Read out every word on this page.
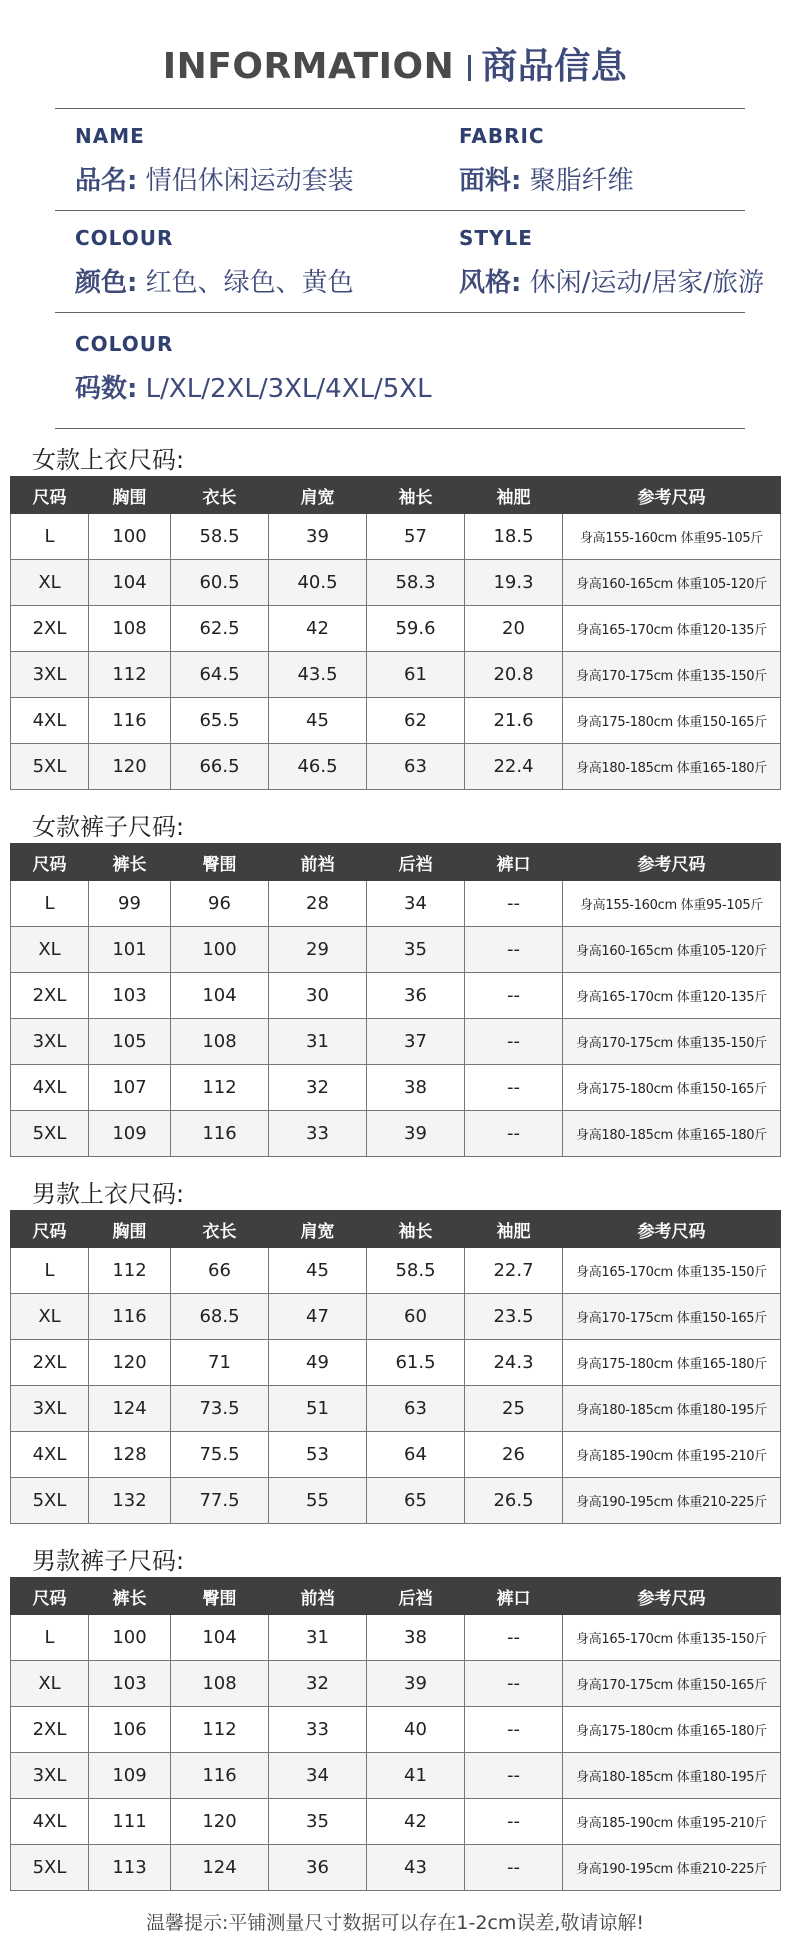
INFORMATION 商品信息
NAME
品名: 情侣休闲运动套装
FABRIC
面料: 聚脂纤维
COLOUR
颜色: 红色、绿色、黄色
STYLE
风格: 休闲/运动/居家/旅游
COLOUR
码数: L/XL/2XL/3XL/4XL/5XL
女款上衣尺码:
尺码	胸围	衣长	肩宽	袖长	袖肥	参考尺码
L	100	58.5	39	57	18.5	身高155-160cm 体重95-105斤
XL	104	60.5	40.5	58.3	19.3	身高160-165cm 体重105-120斤
2XL	108	62.5	42	59.6	20	身高165-170cm 体重120-135斤
3XL	112	64.5	43.5	61	20.8	身高170-175cm 体重135-150斤
4XL	116	65.5	45	62	21.6	身高175-180cm 体重150-165斤
5XL	120	66.5	46.5	63	22.4	身高180-185cm 体重165-180斤
女款裤子尺码:
尺码	裤长	臀围	前裆	后裆	裤口	参考尺码
L	99	96	28	34	--	身高155-160cm 体重95-105斤
XL	101	100	29	35	--	身高160-165cm 体重105-120斤
2XL	103	104	30	36	--	身高165-170cm 体重120-135斤
3XL	105	108	31	37	--	身高170-175cm 体重135-150斤
4XL	107	112	32	38	--	身高175-180cm 体重150-165斤
5XL	109	116	33	39	--	身高180-185cm 体重165-180斤
男款上衣尺码:
尺码	胸围	衣长	肩宽	袖长	袖肥	参考尺码
L	112	66	45	58.5	22.7	身高165-170cm 体重135-150斤
XL	116	68.5	47	60	23.5	身高170-175cm 体重150-165斤
2XL	120	71	49	61.5	24.3	身高175-180cm 体重165-180斤
3XL	124	73.5	51	63	25	身高180-185cm 体重180-195斤
4XL	128	75.5	53	64	26	身高185-190cm 体重195-210斤
5XL	132	77.5	55	65	26.5	身高190-195cm 体重210-225斤
男款裤子尺码:
尺码	裤长	臀围	前裆	后裆	裤口	参考尺码
L	100	104	31	38	--	身高165-170cm 体重135-150斤
XL	103	108	32	39	--	身高170-175cm 体重150-165斤
2XL	106	112	33	40	--	身高175-180cm 体重165-180斤
3XL	109	116	34	41	--	身高180-185cm 体重180-195斤
4XL	111	120	35	42	--	身高185-190cm 体重195-210斤
5XL	113	124	36	43	--	身高190-195cm 体重210-225斤
温馨提示:平铺测量尺寸数据可以存在1-2cm误差,敬请谅解!
